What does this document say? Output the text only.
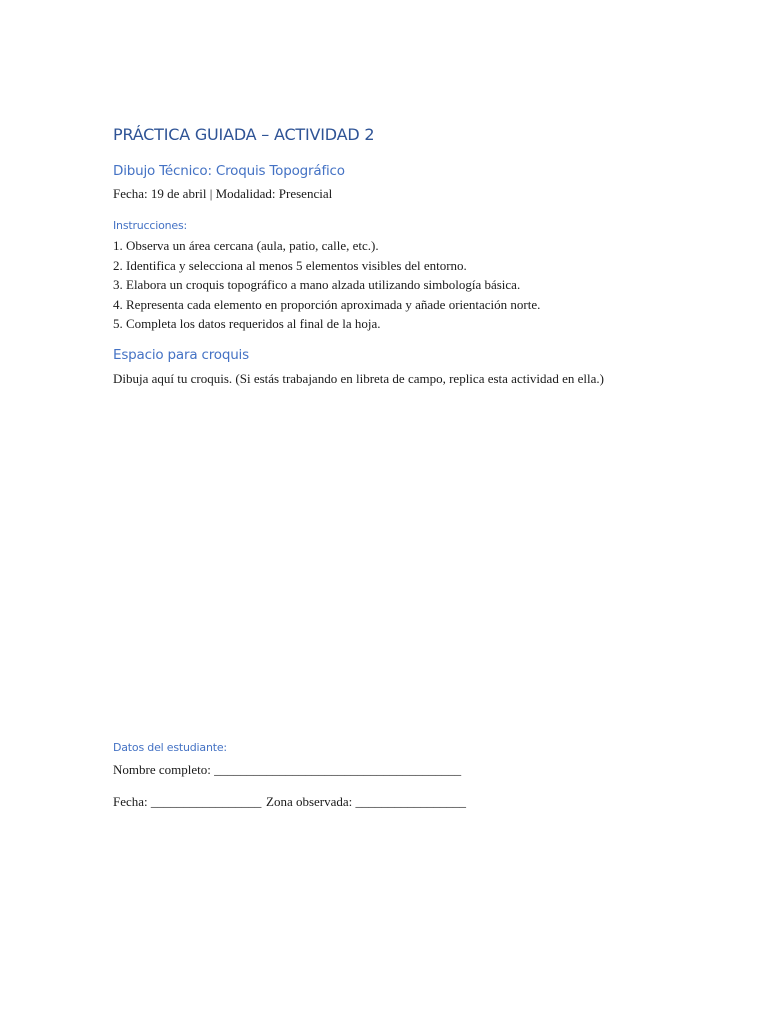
PRÁCTICA GUIADA – ACTIVIDAD 2
Dibujo Técnico: Croquis Topográfico
Fecha: 19 de abril | Modalidad: Presencial
Instrucciones:
1. Observa un área cercana (aula, patio, calle, etc.).
2. Identifica y selecciona al menos 5 elementos visibles del entorno.
3. Elabora un croquis topográfico a mano alzada utilizando simbología básica.
4. Representa cada elemento en proporción aproximada y añade orientación norte.
5. Completa los datos requeridos al final de la hoja.
Espacio para croquis
Dibuja aquí tu croquis. (Si estás trabajando en libreta de campo, replica esta actividad en ella.)
Datos del estudiante:
Nombre completo: ______________________________________
Fecha: _________________ Zona observada: _________________
